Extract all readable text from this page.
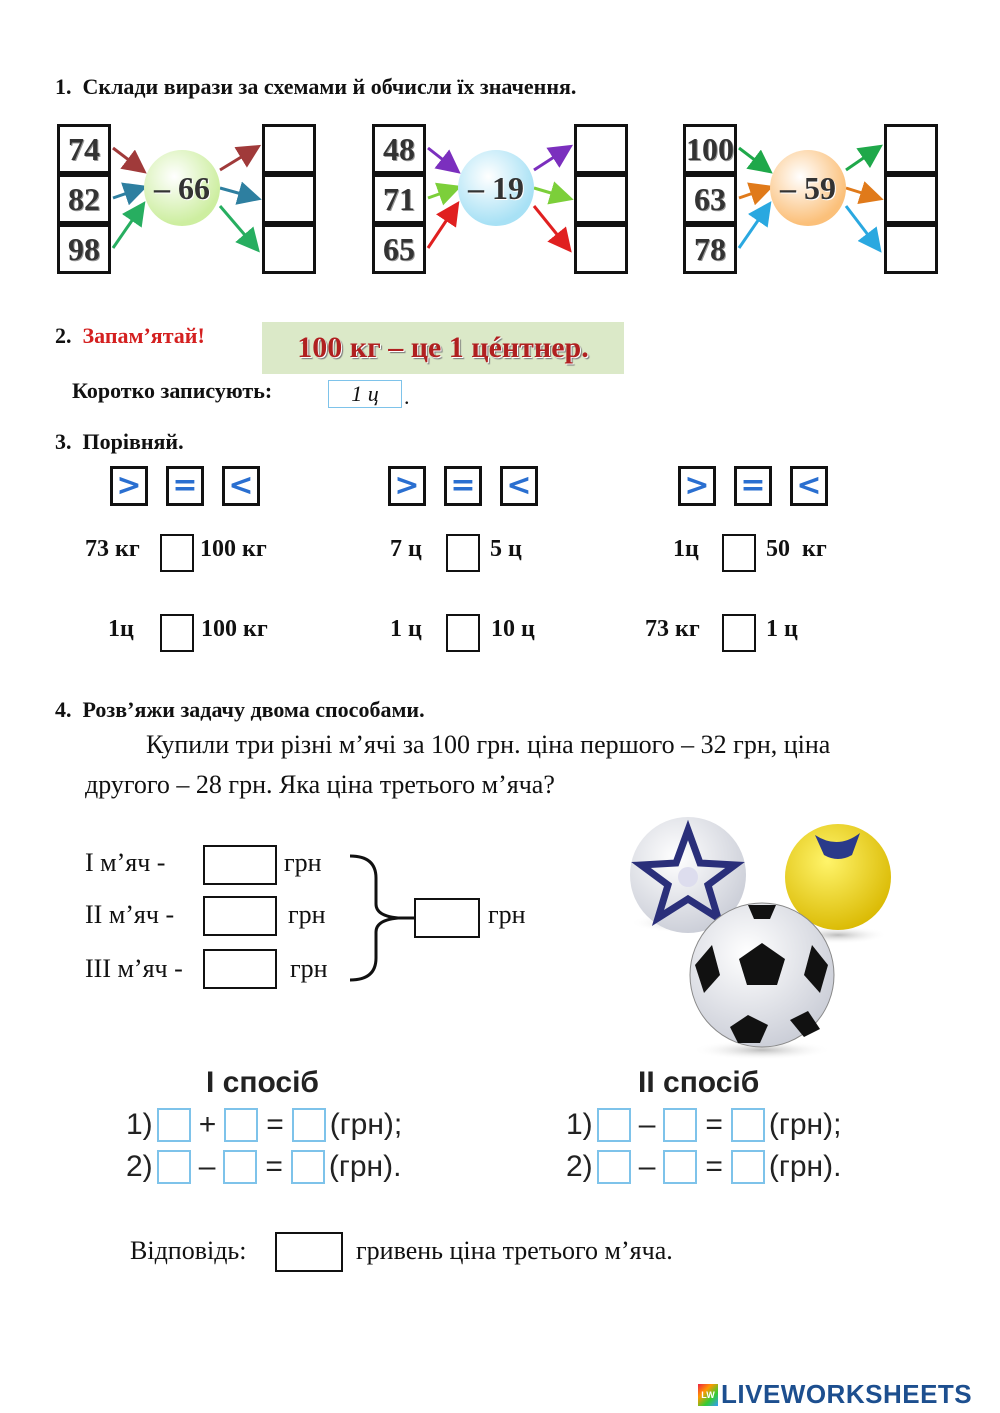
1. Склади вирази за схемами й обчисли їх значення.
74
82
98
– 66
48
71
65
– 19
100
63
78
– 59
2. Запам’ятай!	100 кг – це 1 цéнтнер.
Коротко записують:	1 ц	.
3. Порівняй.
> = <	> = <	> = <
73 кг	100 кг	7 ц	5 ц	1ц	50  кг
1ц	100 кг	1 ц	10 ц	73 кг	1 ц
4. Розв’яжи задачу двома способами.
Купили три різні м’ячі за 100 грн. ціна першого – 32 грн, ціна
другого – 28 грн. Яка ціна третього м’яча?
І м’яч -	грн
ІІ м’яч -	грн
ІІІ м’яч -	грн
грн
І спосіб
1) + = (грн);
2) – = (грн).
ІІ спосіб
1) – = (грн);
2) – = (грн).
Відповідь:	гривень ціна третього м’яча.
LW LIVEWORKSHEETS
